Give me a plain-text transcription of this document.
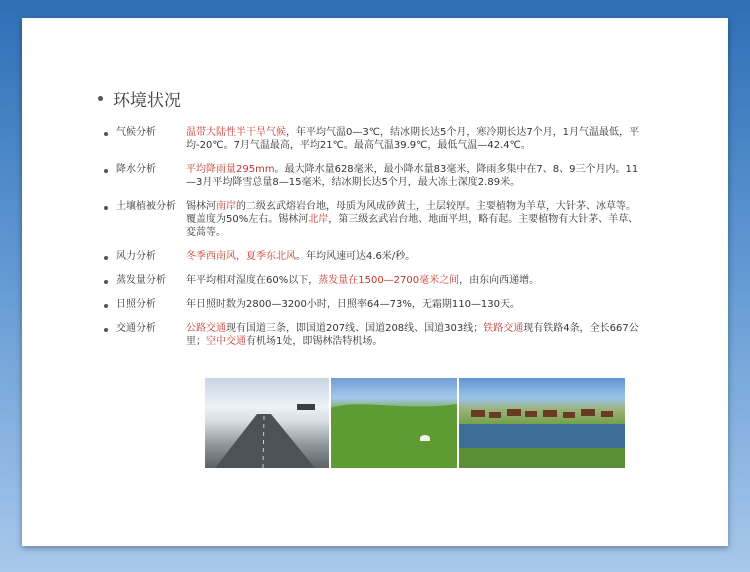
环境状况
气候分析	温带大陆性半干旱气候，年平均气温0—3℃，结冰期长达5个月，寒冷期长达7个月，1月气温最低，平均-20℃。7月气温最高，平均21℃。最高气温39.9℃，最低气温—42.4℃。
降水分析	平均降雨量295mm。最大降水量628毫米，最小降水量83毫米，降雨多集中在7、8、9三个月内。11—3月平均降雪总量8—15毫米，结冰期长达5个月，最大冻土深度2.89米。
土壤植被分析	锡林河南岸的二级玄武熔岩台地，母质为风成砂黄土，土层较厚。主要植物为羊草，大针茅、冰草等。覆盖度为50%左右。锡林河北岸，第三级玄武岩台地、地面平坦，略有起。主要植物有大针茅、羊草、変蒿等。
风力分析	冬季西南风，夏季东北风。年均风速可达4.6米/秒。
蒸发量分析	年平均相对湿度在60%以下，蒸发量在1500—2700毫米之间，由东向西递增。
日照分析	年日照时数为2800—3200小时，日照率64—73%，无霜期110—130天。
交通分析	公路交通现有国道三条，即国道207线、国道208线、国道303线；铁路交通现有铁路4条，全长667公里；空中交通有机场1处，即锡林浩特机场。
